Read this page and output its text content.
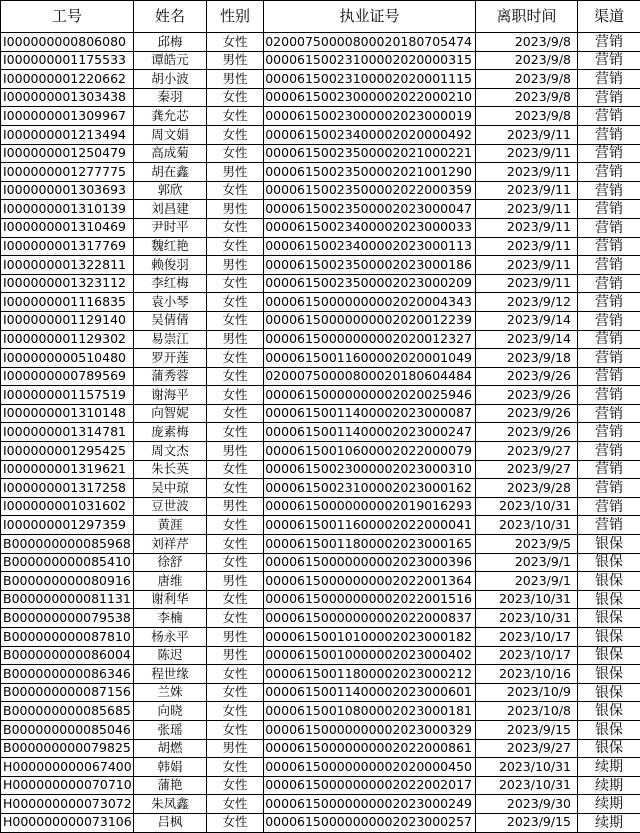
工号	姓名	性别	执业证号	离职时间	渠道
I000000000806080	邱梅	女性	02000750000800020180705474	2023/9/8	营销
I000000001175533	谭皓元	男性	00006150023100002020000315	2023/9/8	营销
I000000001220662	胡小波	男性	00006150023100002020001115	2023/9/8	营销
I000000001303438	秦羽	女性	00006150023000002022000210	2023/9/8	营销
I000000001309967	龚允芯	女性	00006150023000002023000019	2023/9/8	营销
I000000001213494	周文娟	女性	00006150023400002020000492	2023/9/11	营销
I000000001250479	高成菊	女性	00006150023500002021000221	2023/9/11	营销
I000000001277775	胡在鑫	男性	00006150023500002021001290	2023/9/11	营销
I000000001303693	郭欣	女性	00006150023500002022000359	2023/9/11	营销
I000000001310139	刘昌建	男性	00006150023500002023000047	2023/9/11	营销
I000000001310469	尹时平	女性	00006150023400002023000033	2023/9/11	营销
I000000001317769	魏红艳	女性	00006150023400002023000113	2023/9/11	营销
I000000001322811	赖俊羽	男性	00006150023500002023000186	2023/9/11	营销
I000000001323112	李红梅	女性	00006150023500002023000209	2023/9/11	营销
I000000001116835	袁小琴	女性	00006150000000002020004343	2023/9/12	营销
I000000001129140	吴倩倩	女性	00006150000000002020012239	2023/9/14	营销
I000000001129302	易崇江	男性	00006150000000002020012327	2023/9/14	营销
I000000000510480	罗开莲	女性	00006150011600002020001049	2023/9/18	营销
I000000000789569	蒲秀蓉	女性	02000750000800020180604484	2023/9/26	营销
I000000001157519	谢海平	女性	00006150000000002020025946	2023/9/26	营销
I000000001310148	向智妮	女性	00006150011400002023000087	2023/9/26	营销
I000000001314781	庞素梅	女性	00006150011400002023000247	2023/9/26	营销
I000000001295425	周文杰	男性	00006150010600002022000079	2023/9/27	营销
I000000001319621	朱长英	女性	00006150023000002023000310	2023/9/27	营销
I000000001317258	吴中琼	女性	00006150023100002023000162	2023/9/28	营销
I000000001031602	豆世波	男性	00006150000000002019016293	2023/10/31	营销
I000000001297359	黄涯	女性	00006150011600002022000041	2023/10/31	营销
B000000000085968	刘祥芹	女性	00006150011800002023000165	2023/9/5	银保
B000000000085410	徐舒	女性	00006150000000002023000396	2023/9/1	银保
B000000000080916	唐维	男性	00006150000000002022001364	2023/9/1	银保
B000000000081131	谢利华	女性	00006150000000002022001516	2023/10/31	银保
B000000000079538	李楠	女性	00006150000000002022000837	2023/10/31	银保
B000000000087810	杨永平	男性	00006150010100002023000182	2023/10/17	银保
B000000000086004	陈迟	男性	00006150010000002023000402	2023/10/17	银保
B000000000086346	程世缘	女性	00006150011800002023000212	2023/10/16	银保
B000000000087156	兰姝	女性	00006150011400002023000601	2023/10/9	银保
B000000000085685	向晓	女性	00006150010800002023000181	2023/10/8	银保
B000000000085046	张瑶	女性	00006150000000002023000329	2023/9/15	银保
B000000000079825	胡燃	男性	00006150000000002022000861	2023/9/27	银保
H000000000067400	韩娟	女性	00006150000000002020000450	2023/10/31	续期
H000000000070710	蒲艳	女性	00006150000000002022002017	2023/10/31	续期
H000000000073072	朱凤鑫	女性	00006150000000002023000249	2023/9/30	续期
H000000000073106	吕枫	女性	00006150000000002023000257	2023/9/15	续期
